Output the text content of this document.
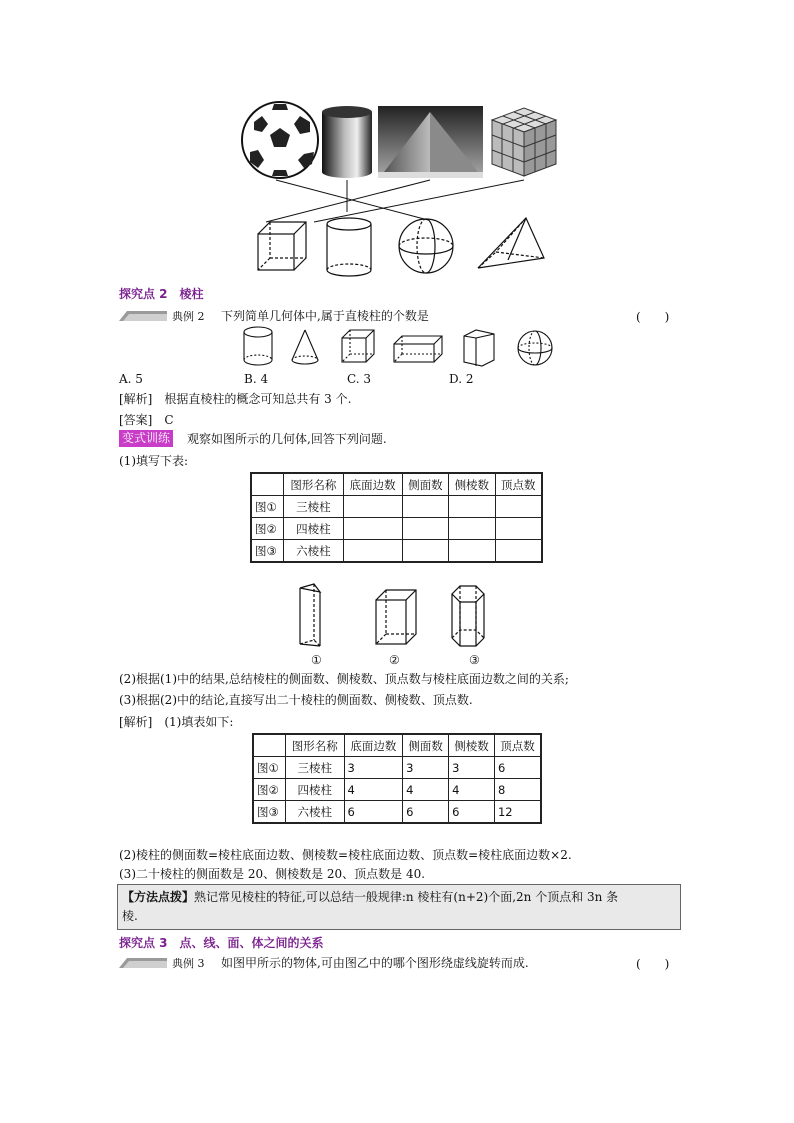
探究点 2　棱柱
典例 2 下列简单几何体中,属于直棱柱的个数是	(　　)
A. 5	B. 4	C. 3	D. 2
[解析]　根据直棱柱的概念可知总共有 3 个.
[答案]　C
变式训练 观察如图所示的几何体,回答下列问题.
(1)填写下表:
	图形名称	底面边数	侧面数	侧棱数	顶点数
图①	三棱柱				
图②	四棱柱				
图③	六棱柱				
①	②	③
(2)根据(1)中的结果,总结棱柱的侧面数、侧棱数、顶点数与棱柱底面边数之间的关系;
(3)根据(2)中的结论,直接写出二十棱柱的侧面数、侧棱数、顶点数.
[解析]　(1)填表如下:
	图形名称	底面边数	侧面数	侧棱数	顶点数
图①	三棱柱	3	3	3	6
图②	四棱柱	4	4	4	8
图③	六棱柱	6	6	6	12
(2)棱柱的侧面数=棱柱底面边数、侧棱数=棱柱底面边数、顶点数=棱柱底面边数×2.
(3)二十棱柱的侧面数是 20、侧棱数是 20、顶点数是 40.
【方法点拨】熟记常见棱柱的特征,可以总结一般规律:n 棱柱有(n+2)个面,2n 个顶点和 3n 条
棱.
探究点 3　点、线、面、体之间的关系
典例 3 如图甲所示的物体,可由图乙中的哪个图形绕虚线旋转而成.	(　　)
